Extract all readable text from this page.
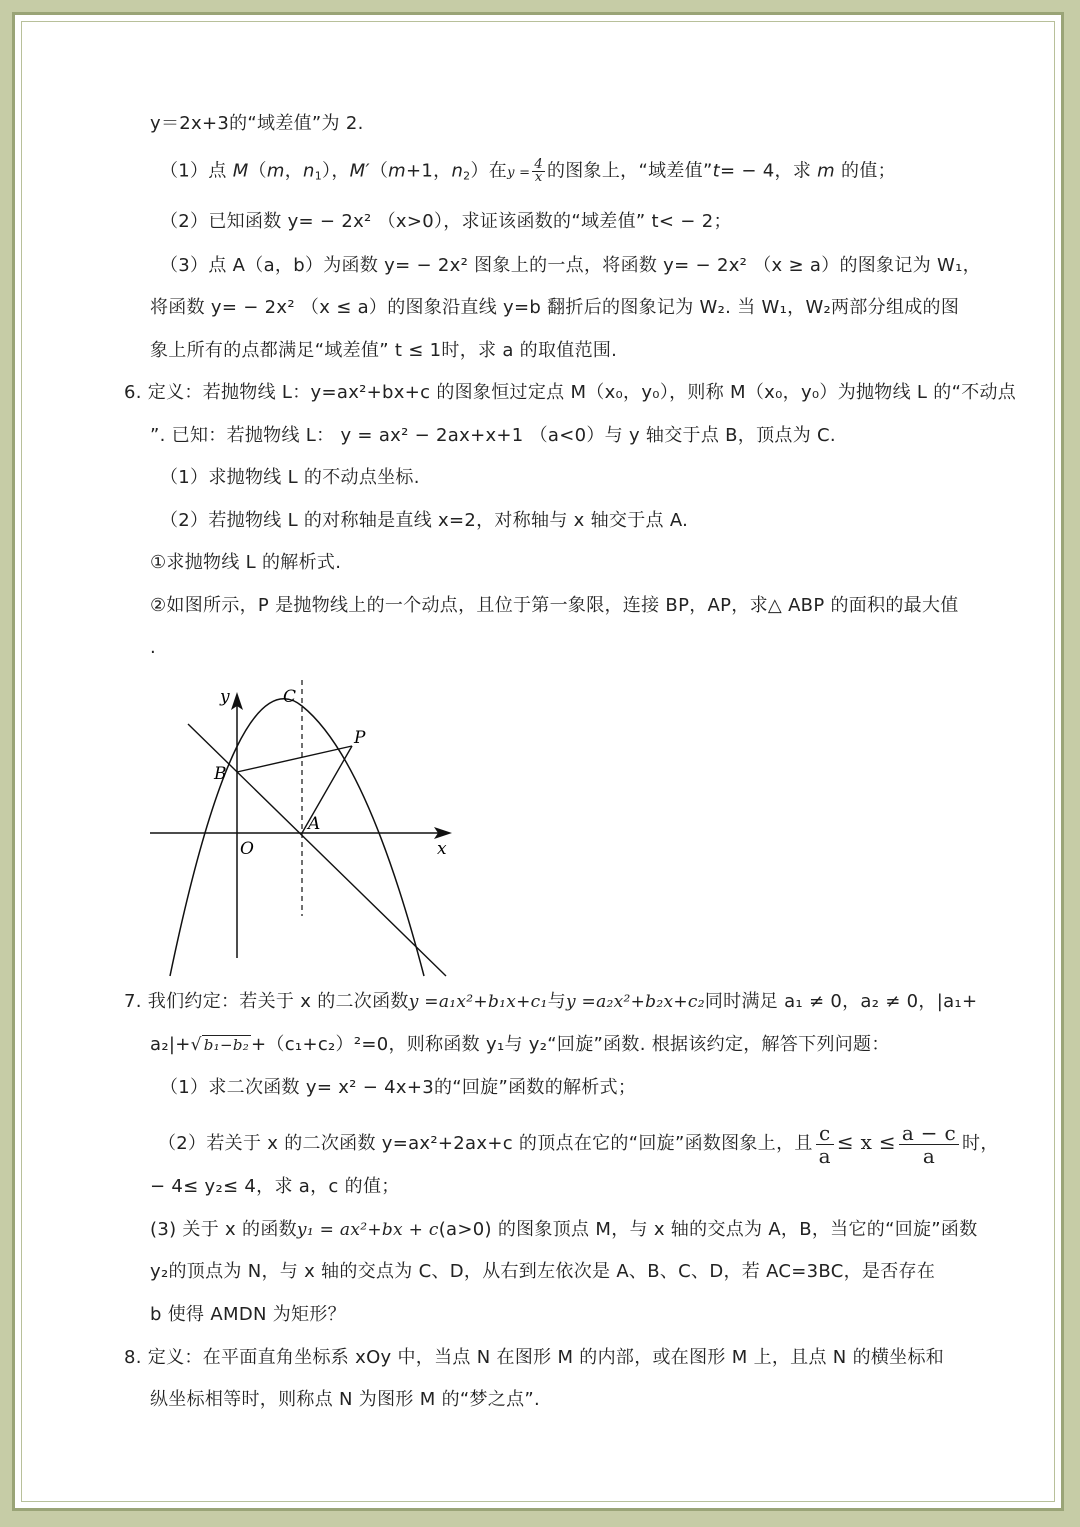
y＝2x+3的“域差值”为 2.
（1）点 M（m，$n_1$），M′（m+1，$n_2$）在$y = \frac{4}{x}$ 的图象上，“域差值”t= − 4，求 m 的值；
（2）已知函数 y= − 2x² （x>0），求证该函数的“域差值” t< − 2；
（3）点 A（a，b）为函数 y= − 2x² 图象上的一点，将函数 y= − 2x² （x ≥ a）的图象记为 W₁，
将函数 y= − 2x² （x ≤ a）的图象沿直线 y=b 翻折后的图象记为 W₂. 当 W₁，W₂两部分组成的图
象上所有的点都满足“域差值” t ≤ 1时，求 a 的取值范围.
6. 定义：若抛物线 L：y=ax²+bx+c 的图象恒过定点 M（x₀，y₀），则称 M（x₀，y₀）为抛物线 L 的“不动点
”. 已知：若抛物线 L： y = ax² − 2ax+x+1 （a<0）与 y 轴交于点 B，顶点为 C.
（1）求抛物线 L 的不动点坐标.
（2）若抛物线 L 的对称轴是直线 x=2，对称轴与 x 轴交于点 A.
①求抛物线 L 的解析式.
②如图所示，P 是抛物线上的一个动点，且位于第一象限，连接 BP，AP，求△ ABP 的面积的最大值
.
y	C
P
B
A
O	x
7. 我们约定：若关于 x 的二次函数y =a₁x²+b₁x+c₁与y =a₂x²+b₂x+c₂同时满足 a₁ ≠ 0，a₂ ≠ 0，|a₁+
a₂|+√ b₁−b₂ +（c₁+c₂）²=0，则称函数 y₁与 y₂“回旋”函数. 根据该约定，解答下列问题：
（1）求二次函数 y= x² − 4x+3的“回旋”函数的解析式；
（2）若关于 x 的二次函数 y=ax²+2ax+c 的顶点在它的“回旋”函数图象上，且 $\frac{c}{a} \le x \le \frac{a - c}{a}$ 时，
− 4≤ y₂≤ 4，求 a，c 的值；
(3) 关于 x 的函数y₁ = ax²+bx + c(a>0) 的图象顶点 M，与 x 轴的交点为 A，B，当它的“回旋”函数
y₂的顶点为 N，与 x 轴的交点为 C、D，从右到左依次是 A、B、C、D，若 AC=3BC，是否存在
b 使得 AMDN 为矩形？
8. 定义：在平面直角坐标系 xOy 中，当点 N 在图形 M 的内部，或在图形 M 上，且点 N 的横坐标和
纵坐标相等时，则称点 N 为图形 M 的“梦之点”.
